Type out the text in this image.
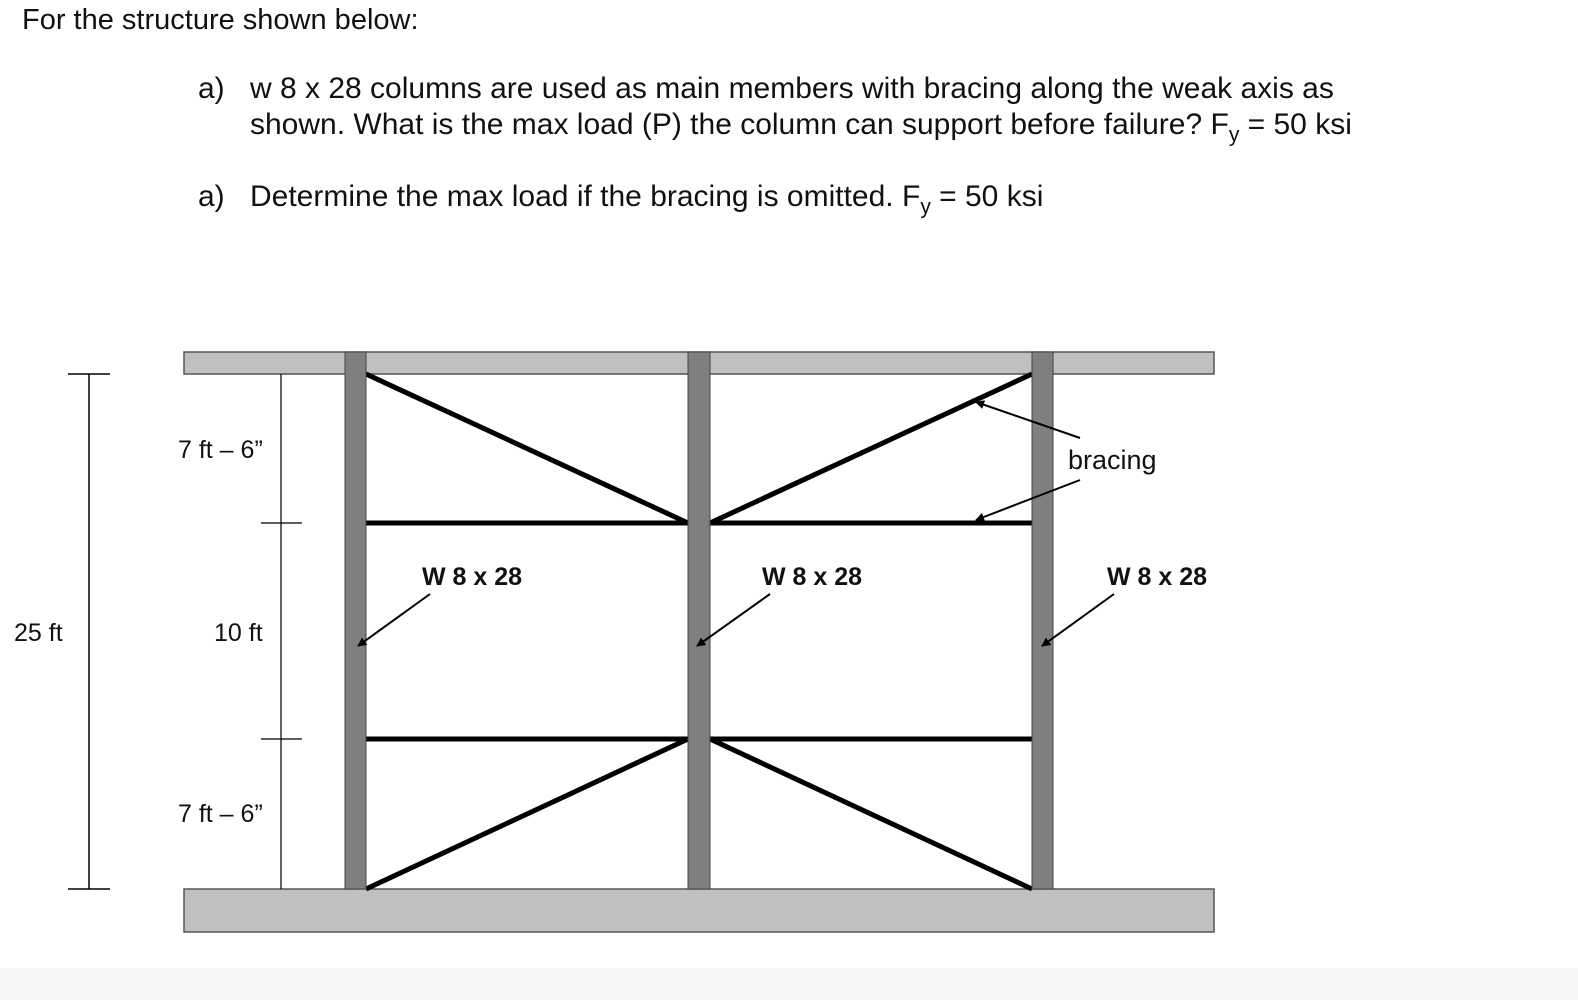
For the structure shown below:
a) w 8 x 28 columns are used as main members with bracing along the weak axis as
shown. What is the max load (P) the column can support before failure? $F_y = 50$ ksi
a) Determine the max load if the bracing is omitted. $F_y = 50$ ksi
25 ft
7 ft – 6”
10 ft
7 ft – 6”
W 8 x 28	W 8 x 28	W 8 x 28
bracing
